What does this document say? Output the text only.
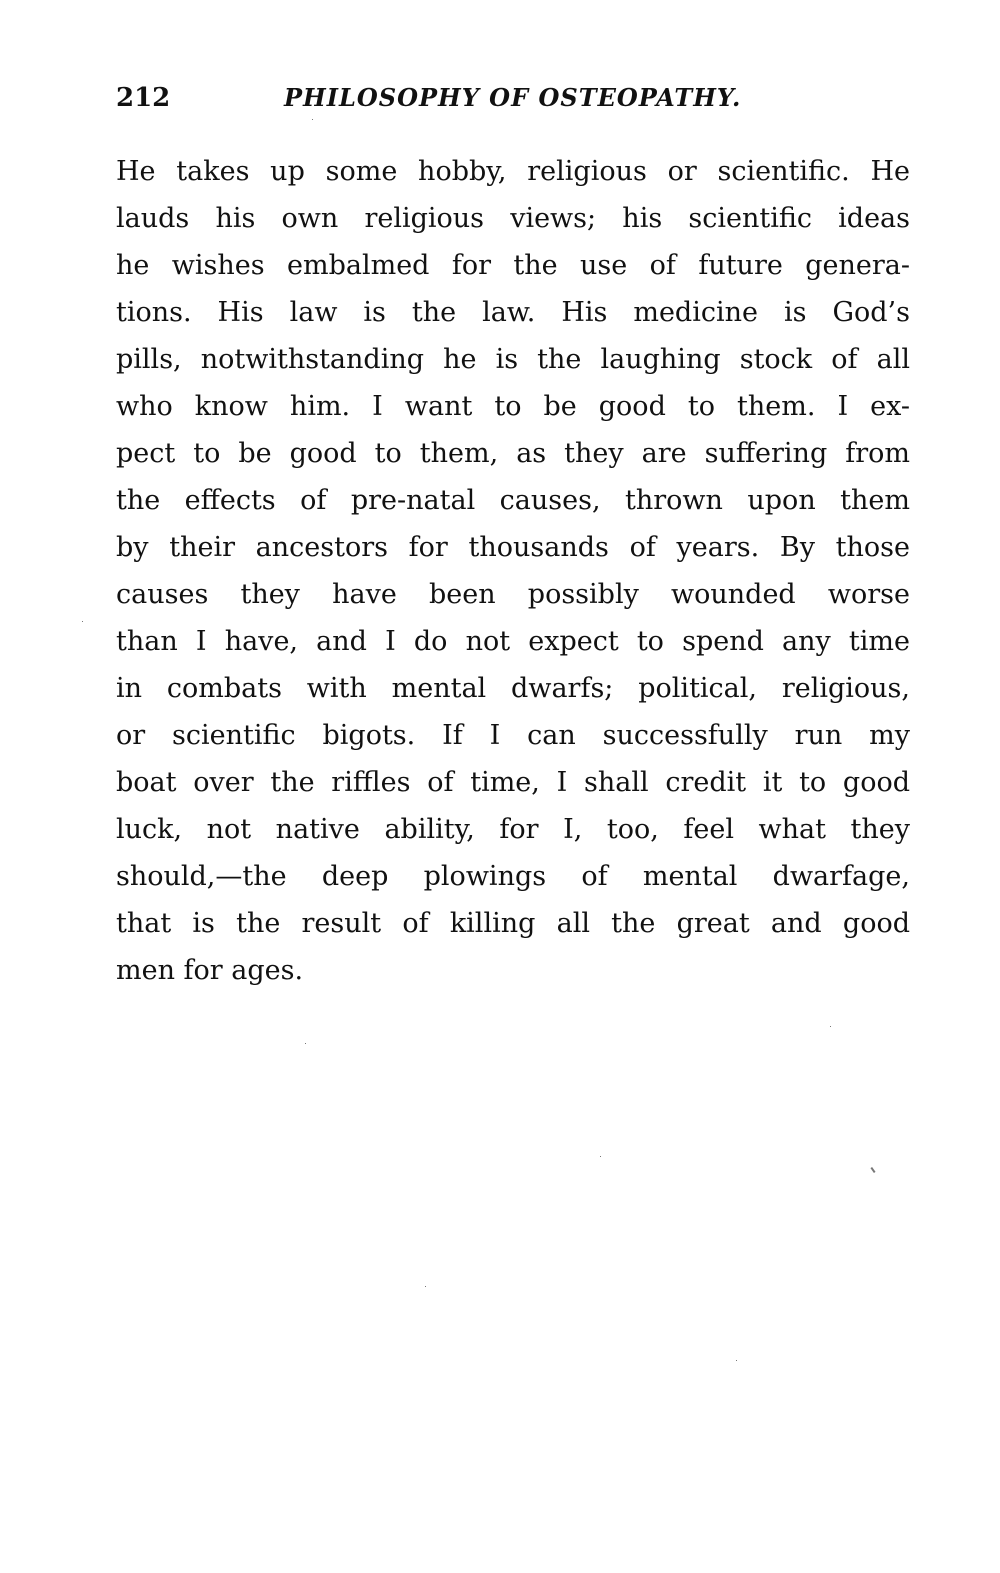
212	PHILOSOPHY OF OSTEOPATHY.
He takes up some hobby, religious or scientific. He
lauds his own religious views; his scientific ideas
he wishes embalmed for the use of future genera-
tions. His law is the law. His medicine is God’s
pills, notwithstanding he is the laughing stock of all
who know him. I want to be good to them. I ex-
pect to be good to them, as they are suffering from
the effects of pre-natal causes, thrown upon them
by their ancestors for thousands of years. By those
causes they have been possibly wounded worse
than I have, and I do not expect to spend any time
in combats with mental dwarfs; political, religious,
or scientific bigots. If I can successfully run my
boat over the riffles of time, I shall credit it to good
luck, not native ability, for I, too, feel what they
should,—the deep plowings of mental dwarfage,
that is the result of killing all the great and good
men for ages.
